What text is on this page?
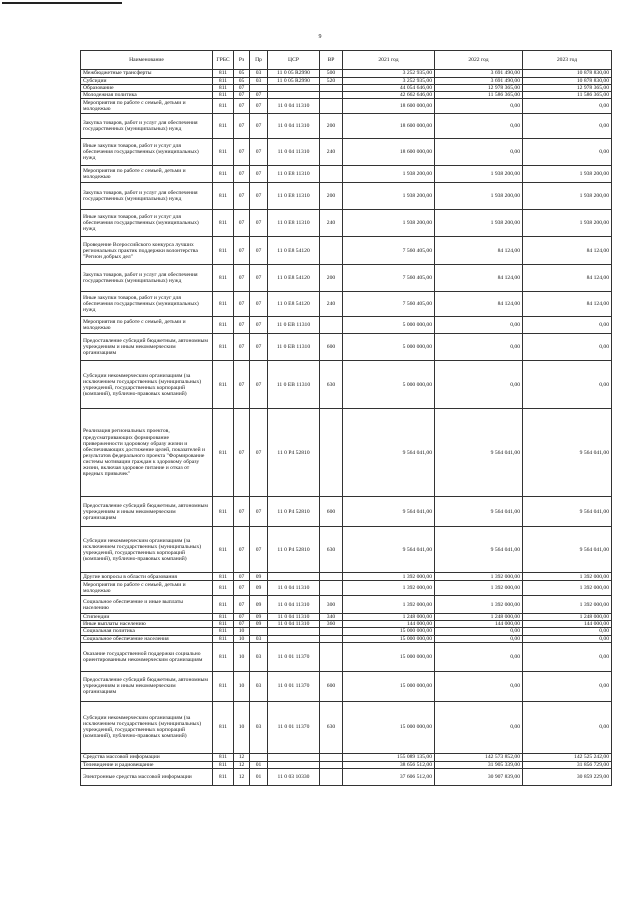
9
Наименование	ГРБС	Рз	Пр	ЦСР	ВР	2021 год	2022 год	2023 год
Межбюджетные трансферты	811	05	03	11 0 05 R2990	500	3 252 935,00	3 691 490,00	10 878 830,00
Субсидии	811	05	03	11 0 05 R2990	520	3 252 935,00	3 691 490,00	10 878 830,00
Образование	811	07				44 054 646,00	12 978 365,00	12 978 365,00
Молодежная политика	811	07	07			42 662 646,00	11 586 365,00	11 586 365,00
Мероприятия по работе с семьей, детьми и молодежью	811	07	07	11 0 04 11310		18 600 000,00	0,00	0,00
Закупка товаров, работ и услуг для обеспечения государственных (муниципальных) нужд	811	07	07	11 0 04 11310	200	18 600 000,00	0,00	0,00
Иные закупки товаров, работ и услуг для обеспечения государственных (муниципальных) нужд	811	07	07	11 0 04 11310	240	18 600 000,00	0,00	0,00
Мероприятия по работе с семьей, детьми и молодежью	811	07	07	11 0 E8 11310		1 938 200,00	1 938 200,00	1 938 200,00
Закупка товаров, работ и услуг для обеспечения государственных (муниципальных) нужд	811	07	07	11 0 E8 11310	200	1 938 200,00	1 938 200,00	1 938 200,00
Иные закупки товаров, работ и услуг для обеспечения государственных (муниципальных) нужд	811	07	07	11 0 E8 11310	240	1 938 200,00	1 938 200,00	1 938 200,00
Проведение Всероссийского конкурса лучших региональных практик поддержки волонтерства "Регион добрых дел"	811	07	07	11 0 E8 54120		7 560 405,00	84 124,00	84 124,00
Закупка товаров, работ и услуг для обеспечения государственных (муниципальных) нужд	811	07	07	11 0 E8 54120	200	7 560 405,00	84 124,00	84 124,00
Иные закупки товаров, работ и услуг для обеспечения государственных (муниципальных) нужд	811	07	07	11 0 E8 54120	240	7 560 405,00	84 124,00	84 124,00
Мероприятия по работе с семьей, детьми и молодежью	811	07	07	11 0 EB 11310		5 000 000,00	0,00	0,00
Предоставление субсидий бюджетным, автономным учреждениям и иным некоммерческим организациям	811	07	07	11 0 EB 11310	600	5 000 000,00	0,00	0,00
Субсидии некоммерческим организациям (за исключением государственных (муниципальных) учреждений, государственных корпораций (компаний), публично-правовых компаний)	811	07	07	11 0 EB 11310	630	5 000 000,00	0,00	0,00
Реализация региональных проектов, предусматривающих формирование приверженности здоровому образу жизни и обеспечивающих достижение целей, показателей и результатов федерального проекта "Формирование системы мотивации граждан к здоровому образу жизни, включая здоровое питание и отказ от вредных привычек"	811	07	07	11 0 P4 52810		9 564 041,00	9 564 041,00	9 564 041,00
Предоставление субсидий бюджетным, автономным учреждениям и иным некоммерческим организациям	811	07	07	11 0 P4 52810	600	9 564 041,00	9 564 041,00	9 564 041,00
Субсидии некоммерческим организациям (за исключением государственных (муниципальных) учреждений, государственных корпораций (компаний), публично-правовых компаний)	811	07	07	11 0 P4 52810	630	9 564 041,00	9 564 041,00	9 564 041,00
Другие вопросы в области образования	811	07	09			1 392 000,00	1 392 000,00	1 392 000,00
Мероприятия по работе с семьей, детьми и молодежью	811	07	09	11 0 04 11310		1 392 000,00	1 392 000,00	1 392 000,00
Социальное обеспечение и иные выплаты населению	811	07	09	11 0 04 11310	300	1 392 000,00	1 392 000,00	1 392 000,00
Стипендии	811	07	09	11 0 04 11310	340	1 248 000,00	1 248 000,00	1 248 000,00
Иные выплаты населению	811	07	09	11 0 04 11310	360	144 000,00	144 000,00	144 000,00
Социальная политика	811	10				15 000 000,00	0,00	0,00
Социальное обеспечение населения	811	10	03			15 000 000,00	0,00	0,00
Оказание государственной поддержки социально ориентированным некоммерческим организациям	811	10	03	11 0 01 11370		15 000 000,00	0,00	0,00
Предоставление субсидий бюджетным, автономным учреждениям и иным некоммерческим организациям	811	10	03	11 0 01 11370	600	15 000 000,00	0,00	0,00
Субсидии некоммерческим организациям (за исключением государственных (муниципальных) учреждений, государственных корпораций (компаний), публично-правовых компаний)	811	10	03	11 0 01 11370	630	15 000 000,00	0,00	0,00
Средства массовой информации	811	12				155 089 135,00	142 573 852,00	142 525 242,00
Телевидение и радиовещание	811	12	01			38 656 512,00	31 905 339,00	31 856 729,00
Электронные средства массовой информации	811	12	01	11 0 03 10330		37 606 512,00	30 907 839,00	30 859 229,00
